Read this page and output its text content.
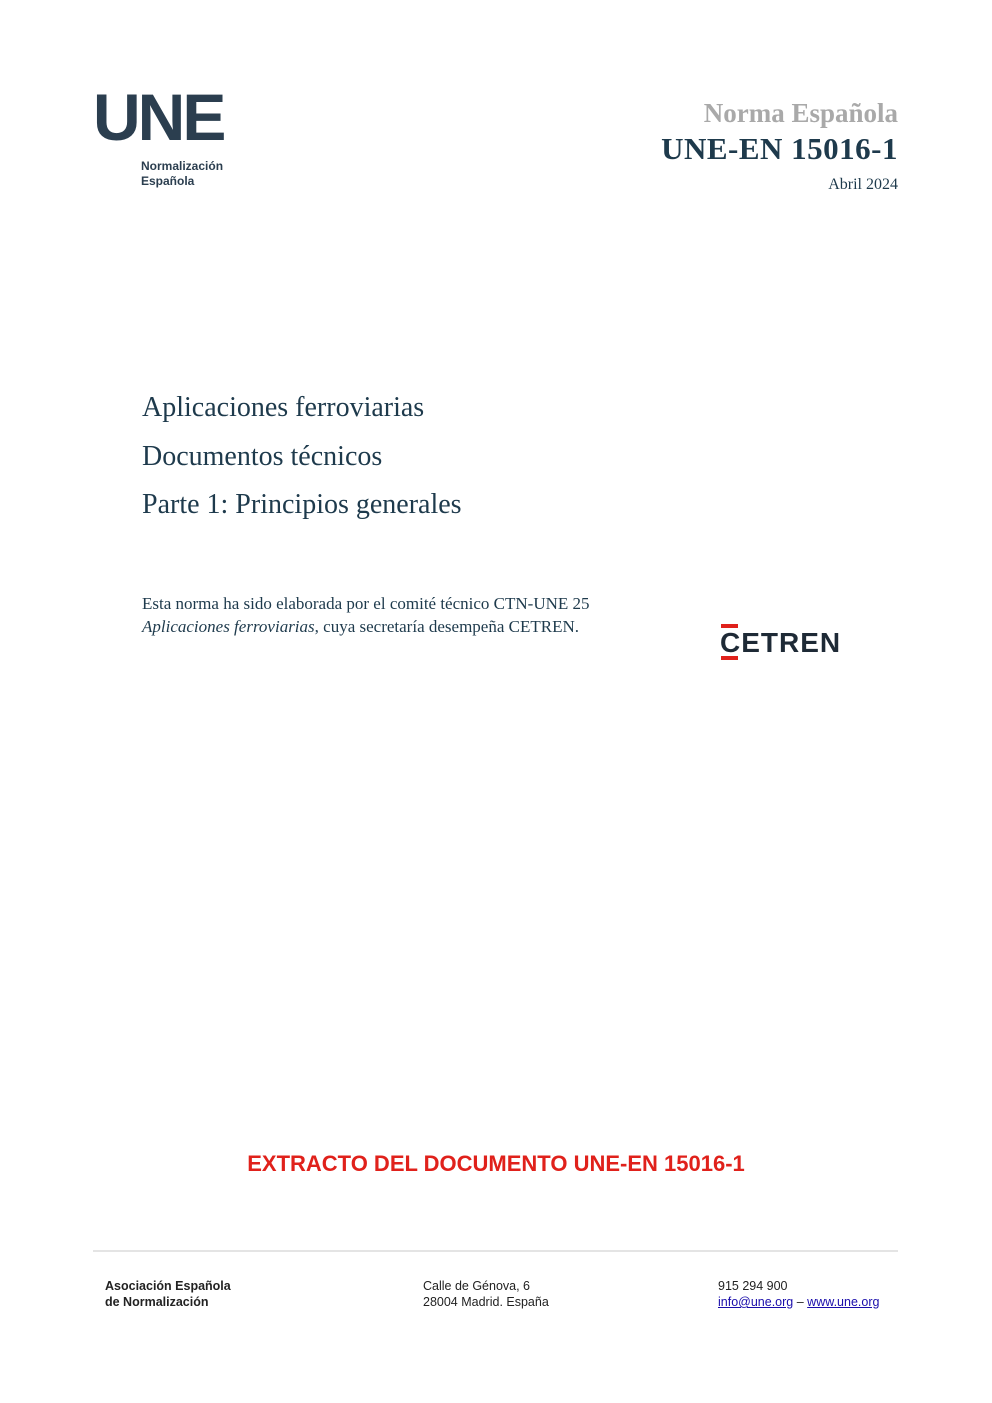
UNE
Normalización
Española
Norma Española
UNE-EN 15016-1
Abril 2024
Aplicaciones ferroviarias
Documentos técnicos
Parte 1: Principios generales
Esta norma ha sido elaborada por el comité técnico CTN-UNE 25 Aplicaciones ferroviarias, cuya secretaría desempeña CETREN.
CETREN
EXTRACTO DEL DOCUMENTO UNE-EN 15016-1
Asociación Española
de Normalización
Calle de Génova, 6
28004 Madrid. España
915 294 900
info@une.org – www.une.org
